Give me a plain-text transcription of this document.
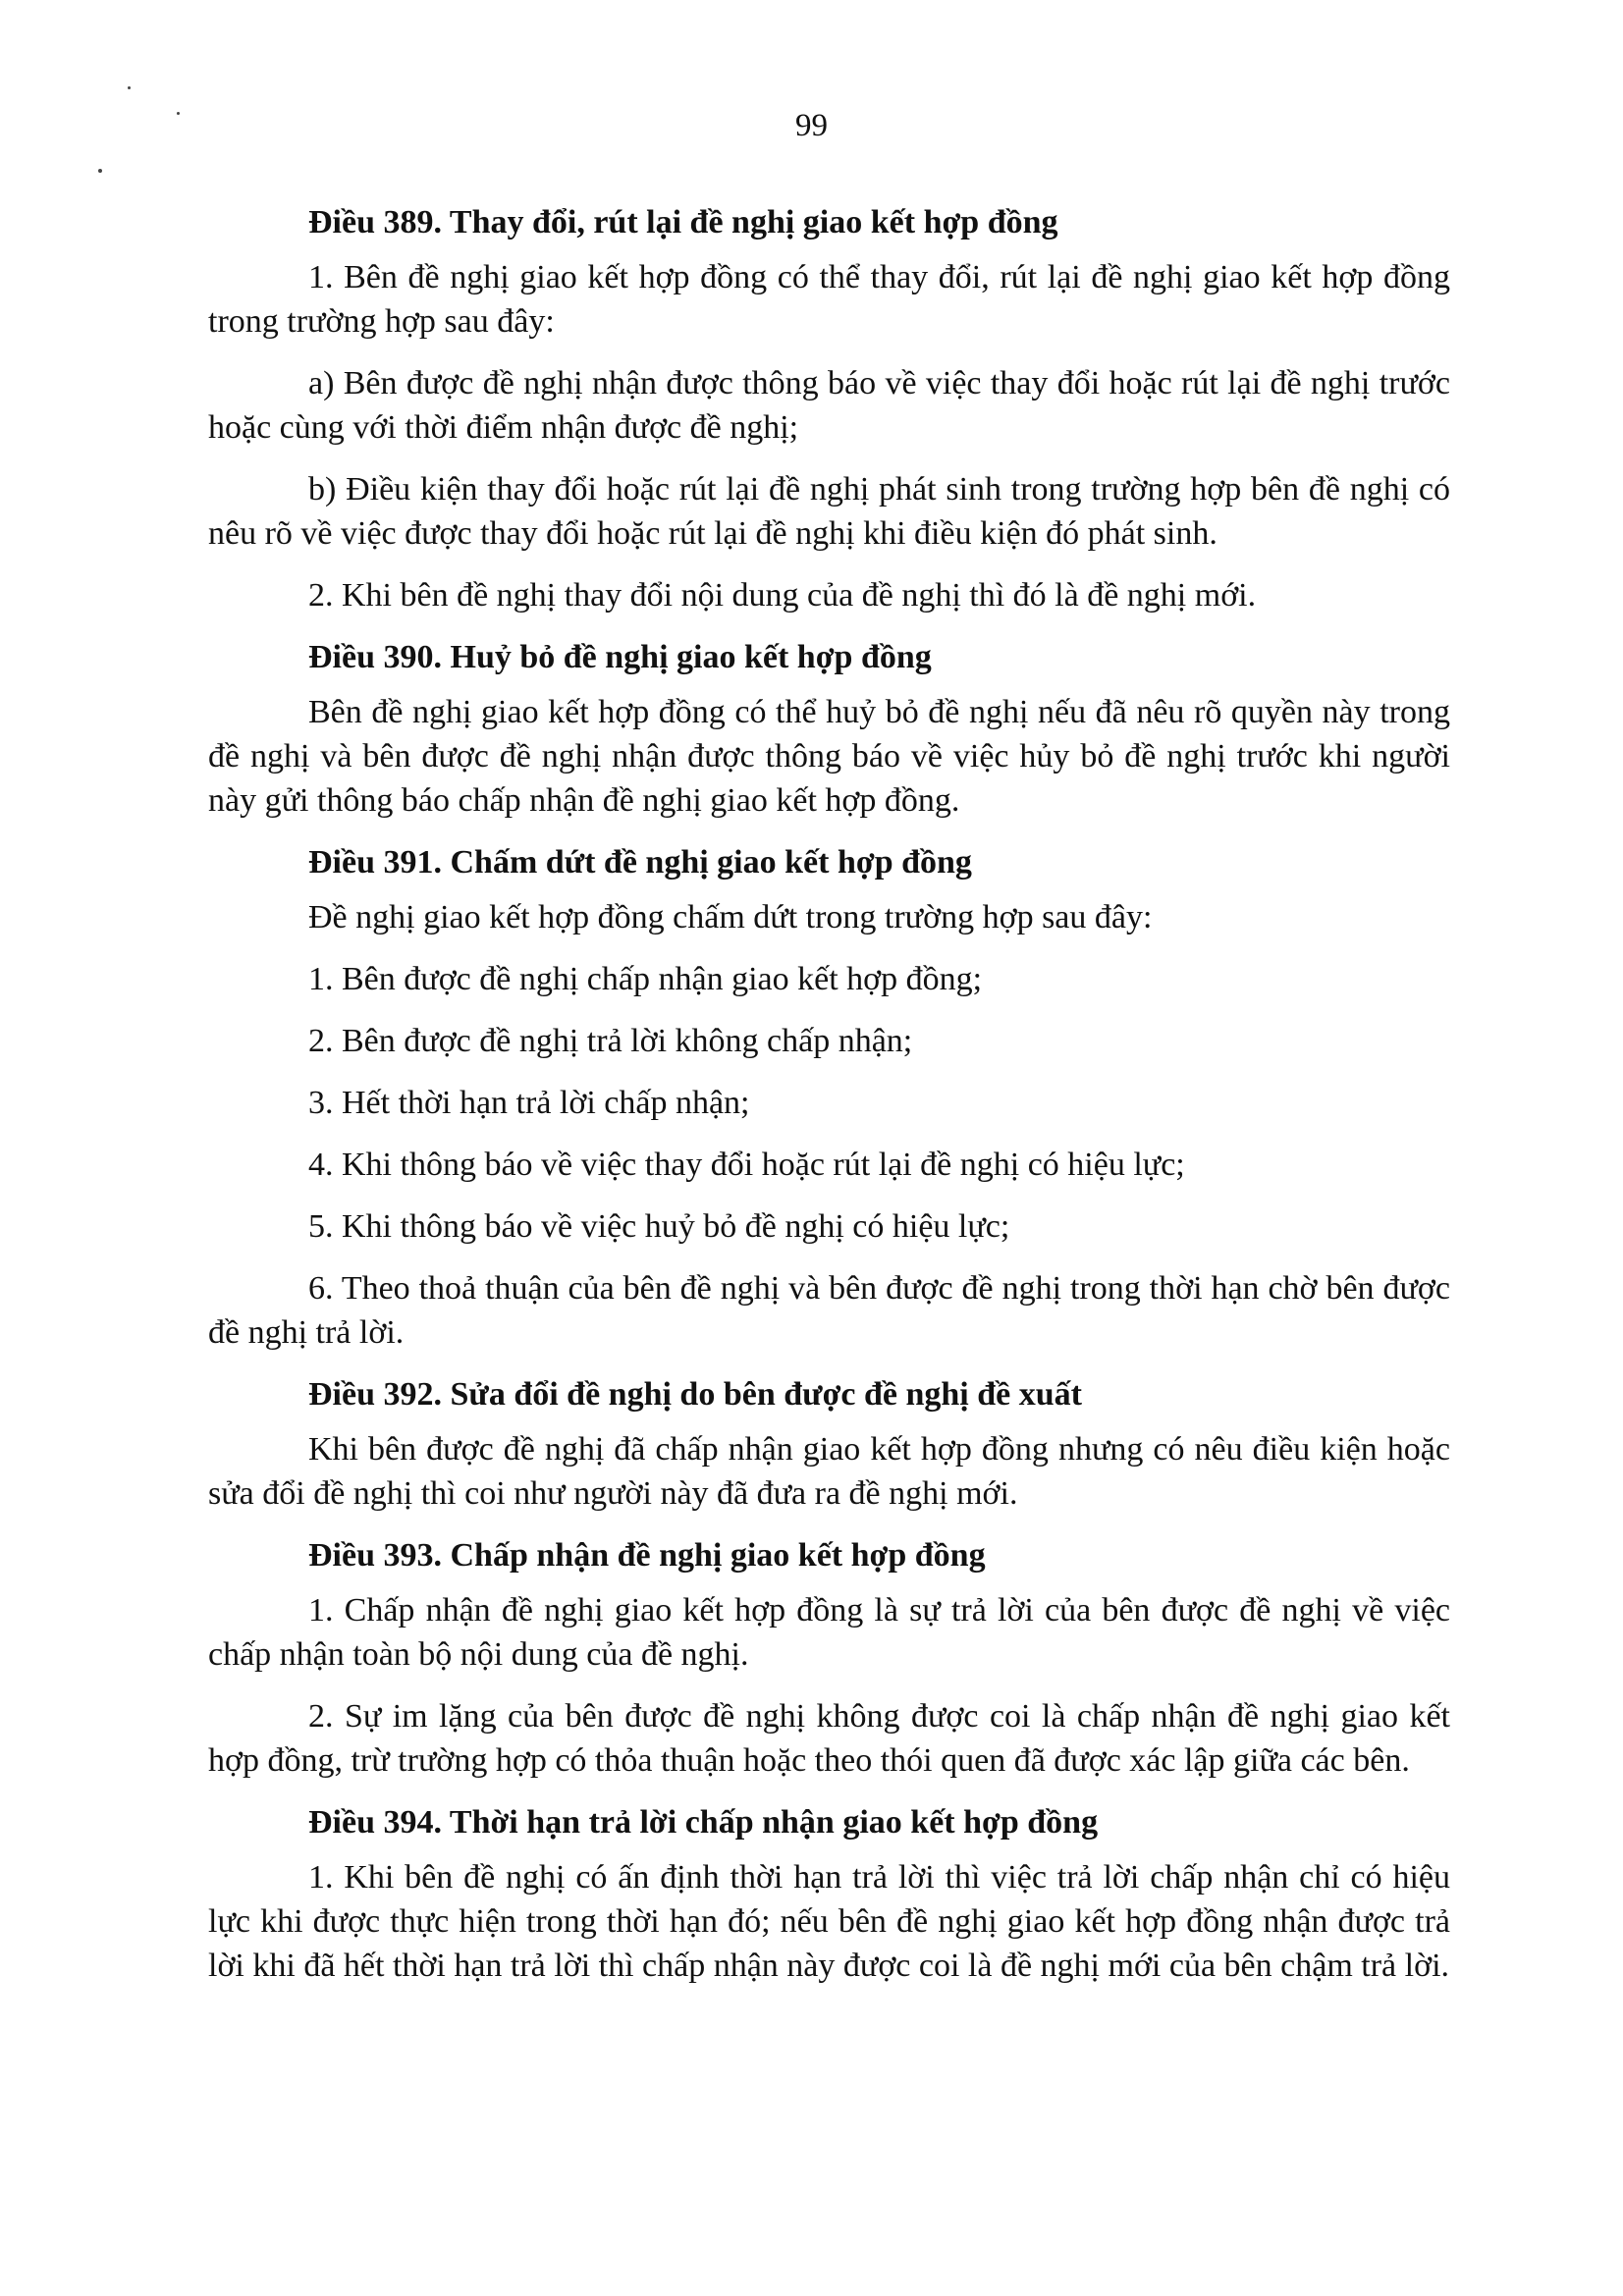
99
Điều 389. Thay đổi, rút lại đề nghị giao kết hợp đồng

1. Bên đề nghị giao kết hợp đồng có thể thay đổi, rút lại đề nghị giao kết hợp đồng trong trường hợp sau đây:

a) Bên được đề nghị nhận được thông báo về việc thay đổi hoặc rút lại đề nghị trước hoặc cùng với thời điểm nhận được đề nghị;

b) Điều kiện thay đổi hoặc rút lại đề nghị phát sinh trong trường hợp bên đề nghị có nêu rõ về việc được thay đổi hoặc rút lại đề nghị khi điều kiện đó phát sinh.

2. Khi bên đề nghị thay đổi nội dung của đề nghị thì đó là đề nghị mới.

Điều 390. Huỷ bỏ đề nghị giao kết hợp đồng

Bên đề nghị giao kết hợp đồng có thể huỷ bỏ đề nghị nếu đã nêu rõ quyền này trong đề nghị và bên được đề nghị nhận được thông báo về việc hủy bỏ đề nghị trước khi người này gửi thông báo chấp nhận đề nghị giao kết hợp đồng.

Điều 391. Chấm dứt đề nghị giao kết hợp đồng

Đề nghị giao kết hợp đồng chấm dứt trong trường hợp sau đây:

1. Bên được đề nghị chấp nhận giao kết hợp đồng;

2. Bên được đề nghị trả lời không chấp nhận;

3. Hết thời hạn trả lời chấp nhận;

4. Khi thông báo về việc thay đổi hoặc rút lại đề nghị có hiệu lực;

5. Khi thông báo về việc huỷ bỏ đề nghị có hiệu lực;

6. Theo thoả thuận của bên đề nghị và bên được đề nghị trong thời hạn chờ bên được đề nghị trả lời.

Điều 392. Sửa đổi đề nghị do bên được đề nghị đề xuất

Khi bên được đề nghị đã chấp nhận giao kết hợp đồng nhưng có nêu điều kiện hoặc sửa đổi đề nghị thì coi như người này đã đưa ra đề nghị mới.

Điều 393. Chấp nhận đề nghị giao kết hợp đồng

1. Chấp nhận đề nghị giao kết hợp đồng là sự trả lời của bên được đề nghị về việc chấp nhận toàn bộ nội dung của đề nghị.

2. Sự im lặng của bên được đề nghị không được coi là chấp nhận đề nghị giao kết hợp đồng, trừ trường hợp có thỏa thuận hoặc theo thói quen đã được xác lập giữa các bên.

Điều 394. Thời hạn trả lời chấp nhận giao kết hợp đồng

1. Khi bên đề nghị có ấn định thời hạn trả lời thì việc trả lời chấp nhận chỉ có hiệu lực khi được thực hiện trong thời hạn đó; nếu bên đề nghị giao kết hợp đồng nhận được trả lời khi đã hết thời hạn trả lời thì chấp nhận này được coi là đề nghị mới của bên chậm trả lời.
